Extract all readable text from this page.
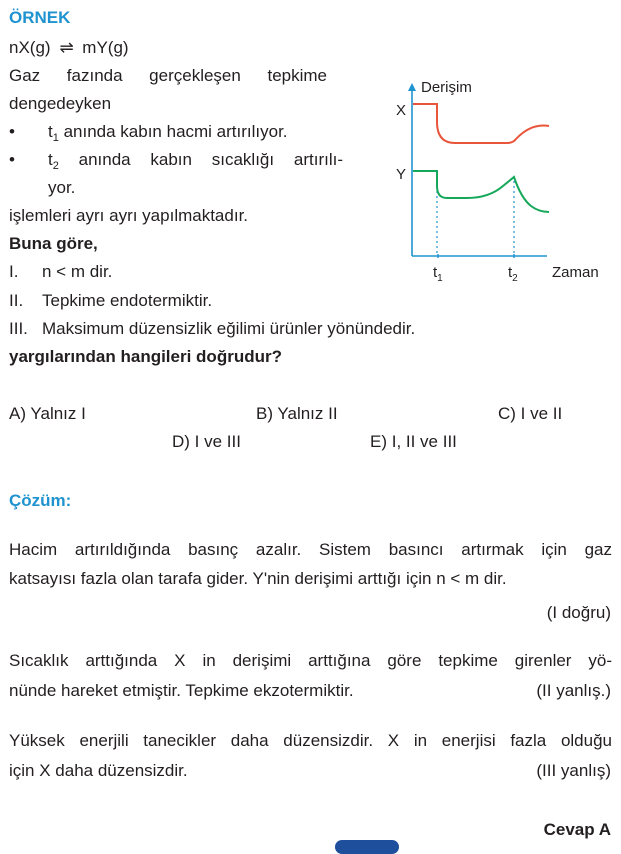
ÖRNEK
nX(g) ⇌ mY(g)
Gaz fazında gerçekleşen tepkime
dengedeyken
• $t_1$ anında kabın hacmi artırılıyor.
• $t_2$ anında kabın sıcaklığı artırılı-
yor.
işlemleri ayrı ayrı yapılmaktadır.
Buna göre,
I. n < m dir.
II. Tepkime endotermiktir.
III. Maksimum düzensizlik eğilimi ürünler yönündedir.
yargılarından hangileri doğrudur?
Derişim
X
Y
$t_1$	$t_2$ Zaman
A) Yalnız I	B) Yalnız II	C) I ve II
D) I ve III	E) I, II ve III
Çözüm:
Hacim artırıldığında basınç azalır. Sistem basıncı artırmak için gaz
katsayısı fazla olan tarafa gider. Y'nin derişimi arttığı için n < m dir.
(I doğru)
Sıcaklık arttığında X in derişimi arttığına göre tepkime girenler yö-
nünde hareket etmiştir. Tepkime ekzotermiktir.	(II yanlış.)
Yüksek enerjili tanecikler daha düzensizdir. X in enerjisi fazla olduğu
için X daha düzensizdir.	(III yanlış)
Cevap A
